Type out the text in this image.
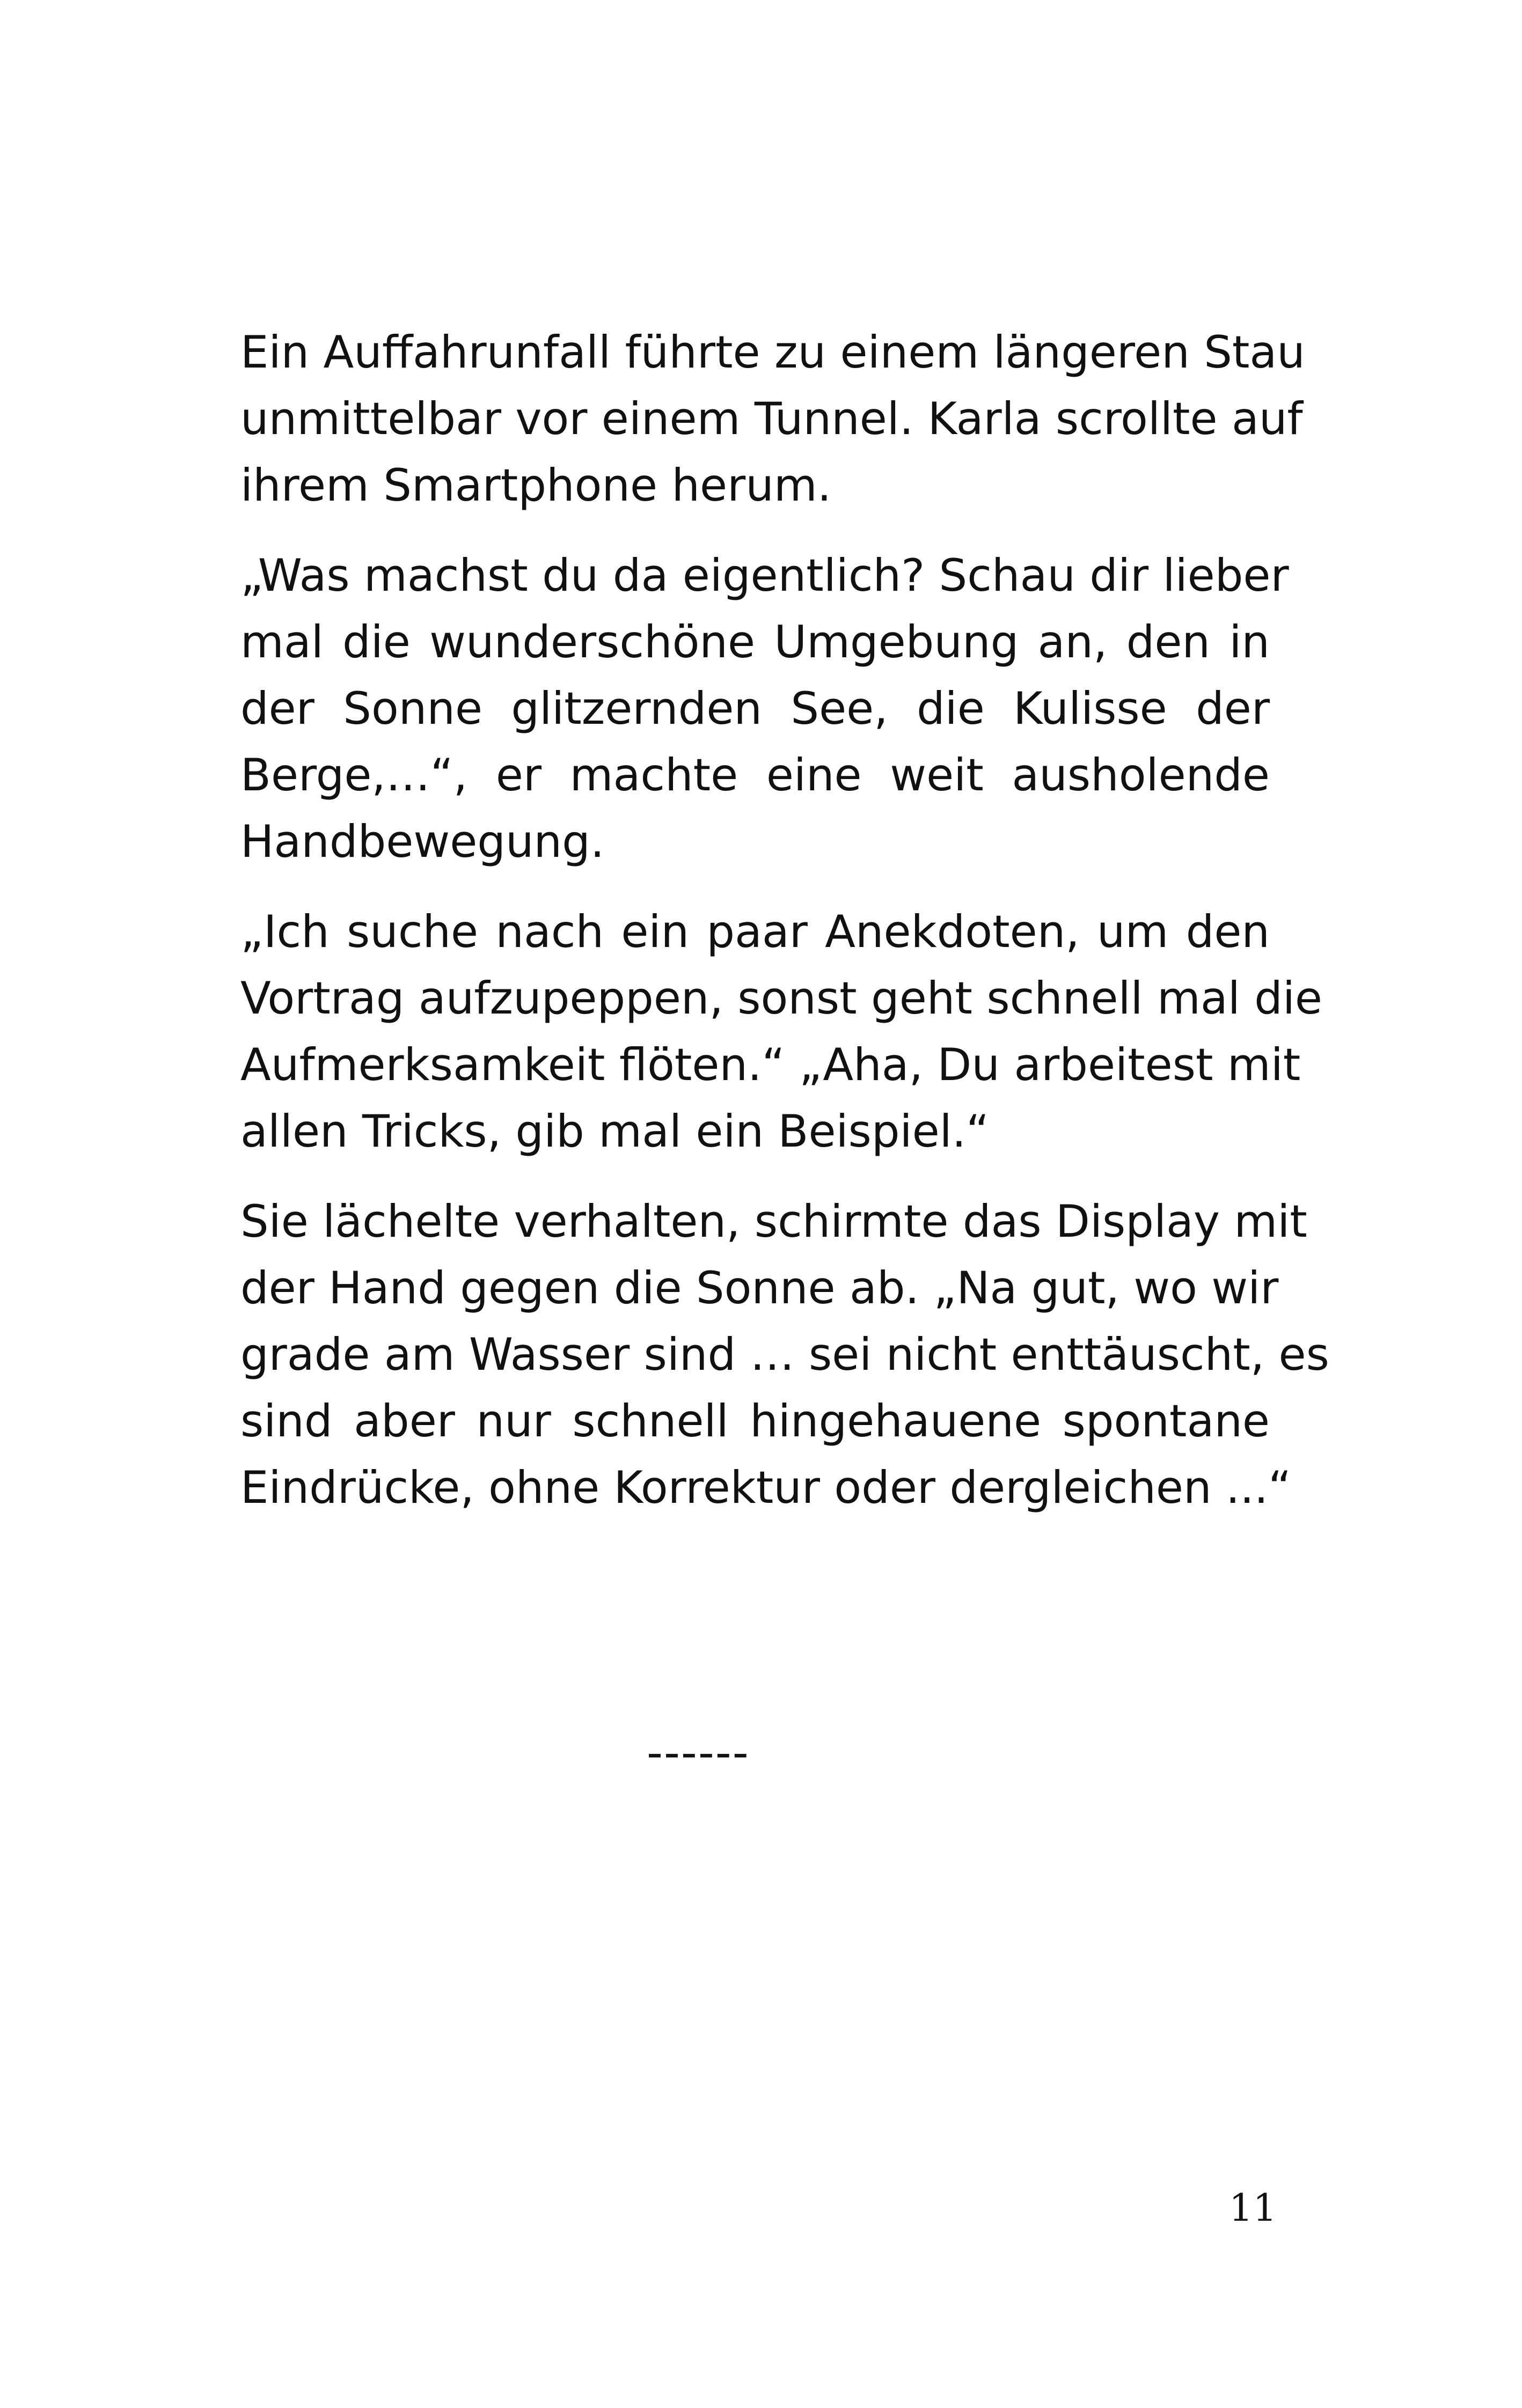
Ein Auffahrunfall führte zu einem längeren Stau
unmittelbar vor einem Tunnel. Karla scrollte auf
ihrem Smartphone herum.

„Was machst du da eigentlich? Schau dir lieber
mal die wunderschöne Umgebung an, den in
der Sonne glitzernden See, die Kulisse der
Berge,…“, er machte eine weit ausholende
Handbewegung.

„Ich suche nach ein paar Anekdoten, um den
Vortrag aufzupeppen, sonst geht schnell mal die
Aufmerksamkeit flöten.“ „Aha, Du arbeitest mit
allen Tricks, gib mal ein Beispiel.“

Sie lächelte verhalten, schirmte das Display mit
der Hand gegen die Sonne ab. „Na gut, wo wir
grade am Wasser sind … sei nicht enttäuscht, es
sind aber nur schnell hingehauene spontane
Eindrücke, ohne Korrektur oder dergleichen ...“

------
11
